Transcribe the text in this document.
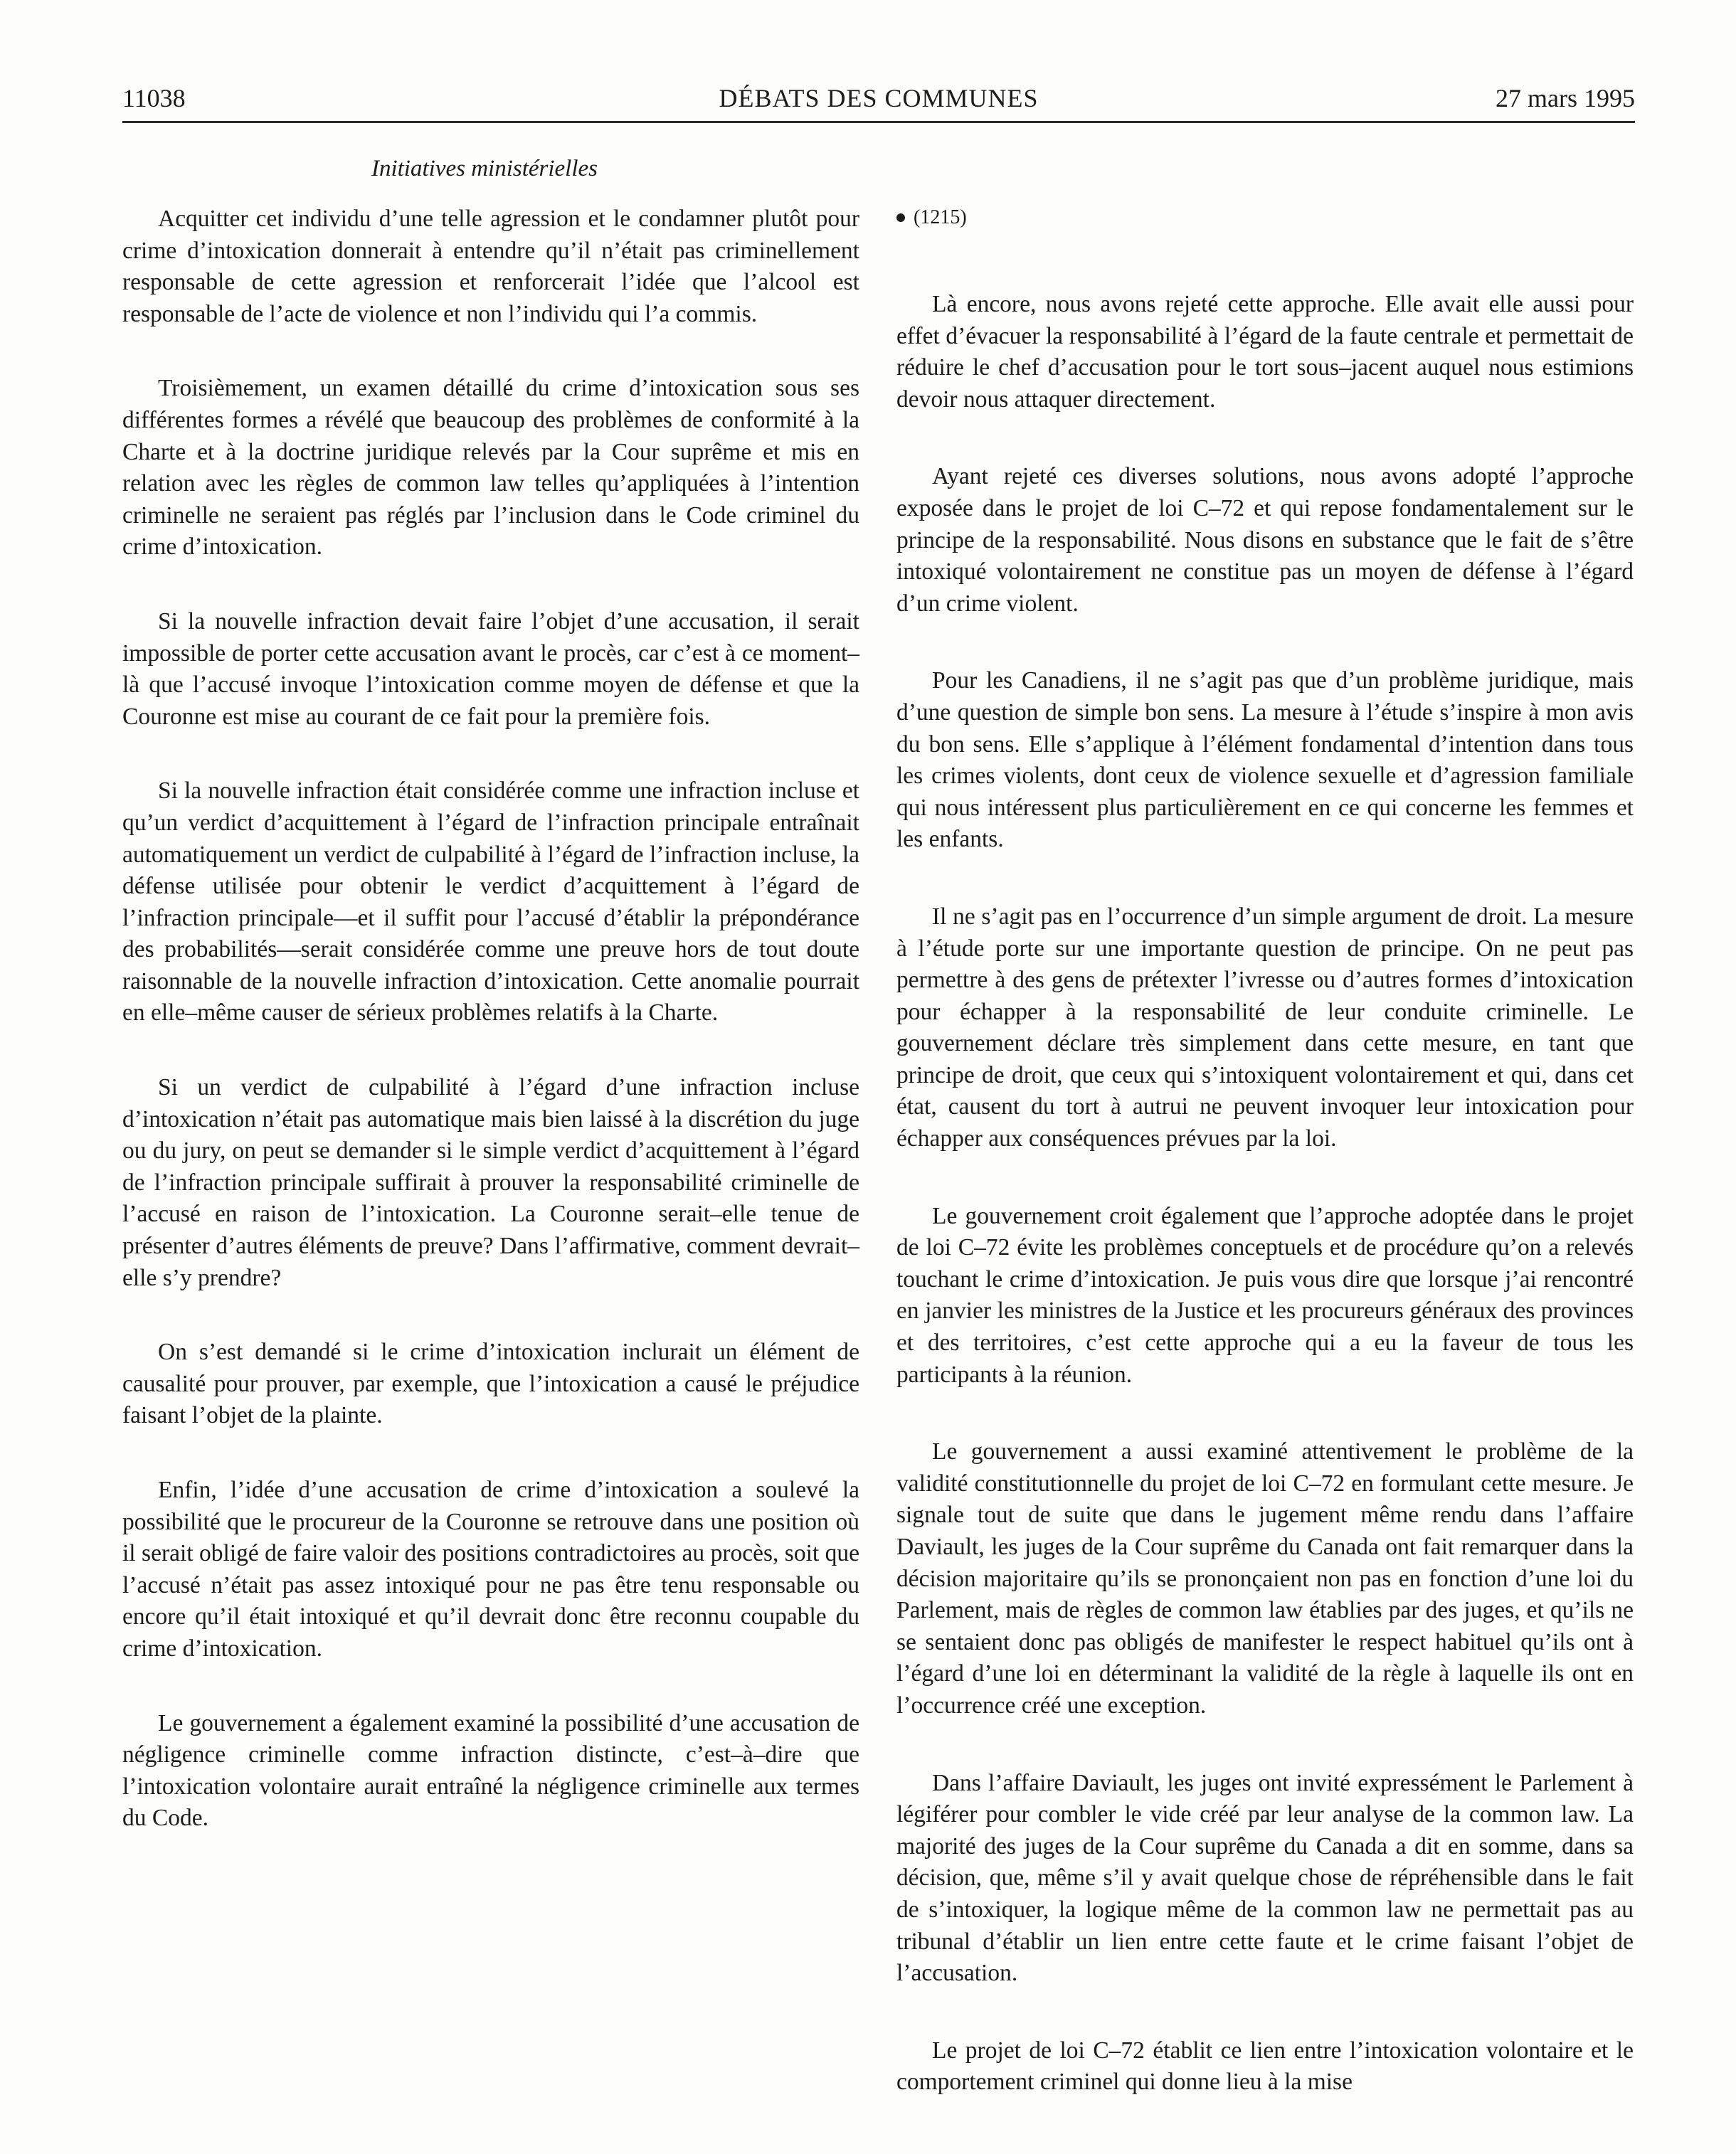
11038	DÉBATS DES COMMUNES	27 mars 1995
Initiatives ministérielles

Acquitter cet individu d’une telle agression et le condamner plutôt pour crime d’intoxication donnerait à entendre qu’il n’était pas criminellement responsable de cette agression et renforcerait l’idée que l’alcool est responsable de l’acte de violence et non l’individu qui l’a commis.

Troisièmement, un examen détaillé du crime d’intoxication sous ses différentes formes a révélé que beaucoup des problèmes de conformité à la Charte et à la doctrine juridique relevés par la Cour suprême et mis en relation avec les règles de common law telles qu’appliquées à l’intention criminelle ne seraient pas réglés par l’inclusion dans le Code criminel du crime d’intoxication.

Si la nouvelle infraction devait faire l’objet d’une accusation, il serait impossible de porter cette accusation avant le procès, car c’est à ce moment–là que l’accusé invoque l’intoxication comme moyen de défense et que la Couronne est mise au courant de ce fait pour la première fois.

Si la nouvelle infraction était considérée comme une infraction incluse et qu’un verdict d’acquittement à l’égard de l’infraction principale entraînait automatiquement un verdict de culpabilité à l’égard de l’infraction incluse, la défense utilisée pour obtenir le verdict d’acquittement à l’égard de l’infraction principale—et il suffit pour l’accusé d’établir la prépondérance des probabilités—serait considérée comme une preuve hors de tout doute raisonnable de la nouvelle infraction d’intoxication. Cette anomalie pourrait en elle–même causer de sérieux problèmes relatifs à la Charte.

Si un verdict de culpabilité à l’égard d’une infraction incluse d’intoxication n’était pas automatique mais bien laissé à la discrétion du juge ou du jury, on peut se demander si le simple verdict d’acquittement à l’égard de l’infraction principale suffirait à prouver la responsabilité criminelle de l’accusé en raison de l’intoxication. La Couronne serait–elle tenue de présenter d’autres éléments de preuve? Dans l’affirmative, comment devrait–elle s’y prendre?

On s’est demandé si le crime d’intoxication inclurait un élément de causalité pour prouver, par exemple, que l’intoxication a causé le préjudice faisant l’objet de la plainte.

Enfin, l’idée d’une accusation de crime d’intoxication a soulevé la possibilité que le procureur de la Couronne se retrouve dans une position où il serait obligé de faire valoir des positions contradictoires au procès, soit que l’accusé n’était pas assez intoxiqué pour ne pas être tenu responsable ou encore qu’il était intoxiqué et qu’il devrait donc être reconnu coupable du crime d’intoxication.

Le gouvernement a également examiné la possibilité d’une accusation de négligence criminelle comme infraction distincte, c’est–à–dire que l’intoxication volontaire aurait entraîné la négligence criminelle aux termes du Code.

(1215)

Là encore, nous avons rejeté cette approche. Elle avait elle aussi pour effet d’évacuer la responsabilité à l’égard de la faute centrale et permettait de réduire le chef d’accusation pour le tort sous–jacent auquel nous estimions devoir nous attaquer directement.

Ayant rejeté ces diverses solutions, nous avons adopté l’approche exposée dans le projet de loi C–72 et qui repose fondamentalement sur le principe de la responsabilité. Nous disons en substance que le fait de s’être intoxiqué volontairement ne constitue pas un moyen de défense à l’égard d’un crime violent.

Pour les Canadiens, il ne s’agit pas que d’un problème juridique, mais d’une question de simple bon sens. La mesure à l’étude s’inspire à mon avis du bon sens. Elle s’applique à l’élément fondamental d’intention dans tous les crimes violents, dont ceux de violence sexuelle et d’agression familiale qui nous intéressent plus particulièrement en ce qui concerne les femmes et les enfants.

Il ne s’agit pas en l’occurrence d’un simple argument de droit. La mesure à l’étude porte sur une importante question de principe. On ne peut pas permettre à des gens de prétexter l’ivresse ou d’autres formes d’intoxication pour échapper à la responsabilité de leur conduite criminelle. Le gouvernement déclare très simplement dans cette mesure, en tant que principe de droit, que ceux qui s’intoxiquent volontairement et qui, dans cet état, causent du tort à autrui ne peuvent invoquer leur intoxication pour échapper aux conséquences prévues par la loi.

Le gouvernement croit également que l’approche adoptée dans le projet de loi C–72 évite les problèmes conceptuels et de procédure qu’on a relevés touchant le crime d’intoxication. Je puis vous dire que lorsque j’ai rencontré en janvier les ministres de la Justice et les procureurs généraux des provinces et des territoires, c’est cette approche qui a eu la faveur de tous les participants à la réunion.

Le gouvernement a aussi examiné attentivement le problème de la validité constitutionnelle du projet de loi C–72 en formulant cette mesure. Je signale tout de suite que dans le jugement même rendu dans l’affaire Daviault, les juges de la Cour suprême du Canada ont fait remarquer dans la décision majoritaire qu’ils se prononçaient non pas en fonction d’une loi du Parlement, mais de règles de common law établies par des juges, et qu’ils ne se sentaient donc pas obligés de manifester le respect habituel qu’ils ont à l’égard d’une loi en déterminant la validité de la règle à laquelle ils ont en l’occurrence créé une exception.

Dans l’affaire Daviault, les juges ont invité expressément le Parlement à légiférer pour combler le vide créé par leur analyse de la common law. La majorité des juges de la Cour suprême du Canada a dit en somme, dans sa décision, que, même s’il y avait quelque chose de répréhensible dans le fait de s’intoxiquer, la logique même de la common law ne permettait pas au tribunal d’établir un lien entre cette faute et le crime faisant l’objet de l’accusation.

Le projet de loi C–72 établit ce lien entre l’intoxication volontaire et le comportement criminel qui donne lieu à la mise
